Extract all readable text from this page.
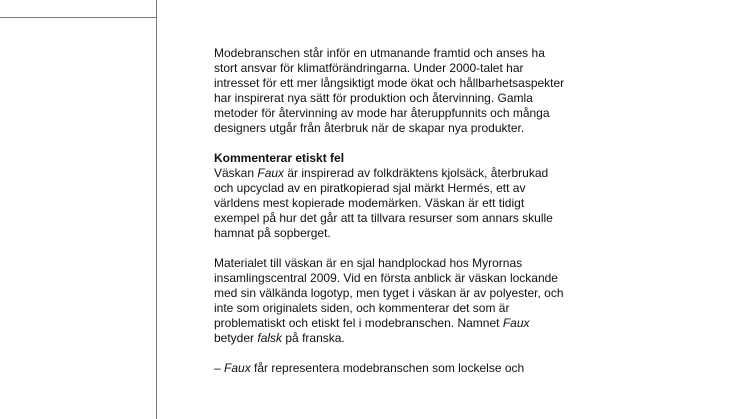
Modebranschen står inför en utmanande framtid och anses ha
stort ansvar för klimatförändringarna. Under 2000-talet har
intresset för ett mer långsiktigt mode ökat och hållbarhetsaspekter
har inspirerat nya sätt för produktion och återvinning. Gamla
metoder för återvinning av mode har återuppfunnits och många
designers utgår från återbruk när de skapar nya produkter.

Kommenterar etiskt fel

Väskan Faux är inspirerad av folkdräktens kjolsäck, återbrukad
och upcyclad av en piratkopierad sjal märkt Hermés, ett av
världens mest kopierade modemärken. Väskan är ett tidigt
exempel på hur det går att ta tillvara resurser som annars skulle
hamnat på sopberget.

Materialet till väskan är en sjal handplockad hos Myrornas
insamlingscentral 2009. Vid en första anblick är väskan lockande
med sin välkända logotyp, men tyget i väskan är av polyester, och
inte som originalets siden, och kommenterar det som är
problematiskt och etiskt fel i modebranschen. Namnet Faux
betyder falsk på franska.

– Faux får representera modebranschen som lockelse och
